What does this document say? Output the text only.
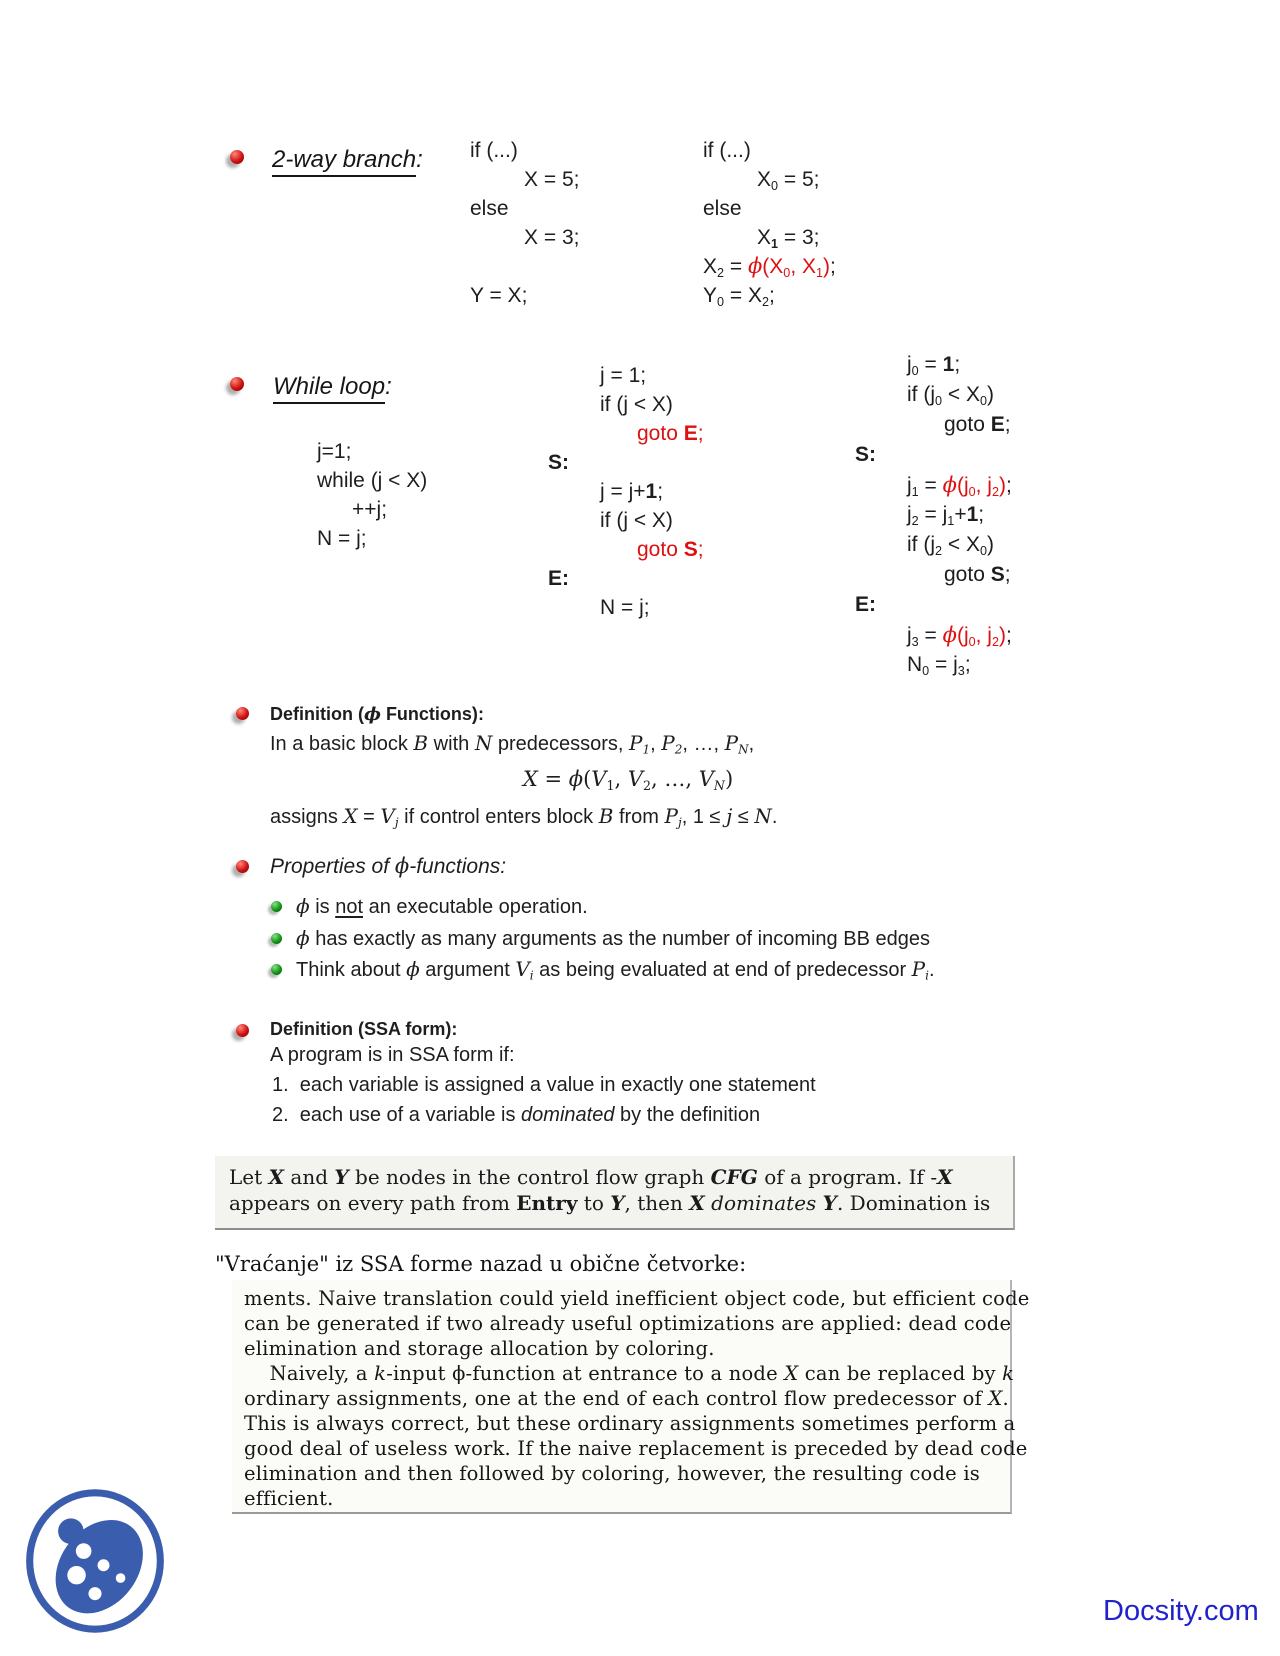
2-way branch: if (...)
X = 5;
else
X = 3;
Y = X;
if (...)
$X_0 = 5$;
else
$X_1 = 3$;
$X_2 = \phi(X_0$, $X_1$);
$Y_0 = X_2$;
While loop:
j=1;
while (j < X)
++j;
N = j;
j = 1;
if (j < X)
goto E;
S:
j = j+1;
if (j < X)
goto S;
E:
N = j;
$j_0 = 1$;
if $(j_0 < X_0)$
goto E;
S:
$j_1 = \phi(j_0$, $j_2$);
$j_2 = j_1+1$;
if $(j_2 < X_0)$
goto S;
E:
$j_3 = \phi(j_0$, $j_2$);
$N_0 = j_3$;
Definition (ϕ Functions):
In a basic block B with N predecessors, $P_1$, $P_2$, …, $P_N$,
$X = \phi(V_1$, $V_2$, …, $V_N$)
assigns $X = V_j$ if control enters block B from $P_j$, 1 ≤ j ≤ N.
Properties of ϕ-functions:
ϕ is not an executable operation.
ϕ has exactly as many arguments as the number of incoming BB edges
Think about ϕ argument $V_i$ as being evaluated at end of predecessor $P_i$.
Definition (SSA form):
A program is in SSA form if:
1.  each variable is assigned a value in exactly one statement
2.  each use of a variable is dominated by the definition
Let X and Y be nodes in the control flow graph CFG of a program. If -X
appears on every path from Entry to Y, then X dominates Y. Domination is
"Vraćanje" iz SSA forme nazad u obične četvorke:
ments. Naive translation could yield inefficient object code, but efficient code
can be generated if two already useful optimizations are applied: dead code
elimination and storage allocation by coloring.
Naively, a k-input ϕ-function at entrance to a node X can be replaced by k
ordinary assignments, one at the end of each control flow predecessor of X.
This is always correct, but these ordinary assignments sometimes perform a
good deal of useless work. If the naive replacement is preceded by dead code
elimination and then followed by coloring, however, the resulting code is
efficient.
Docsity.com
